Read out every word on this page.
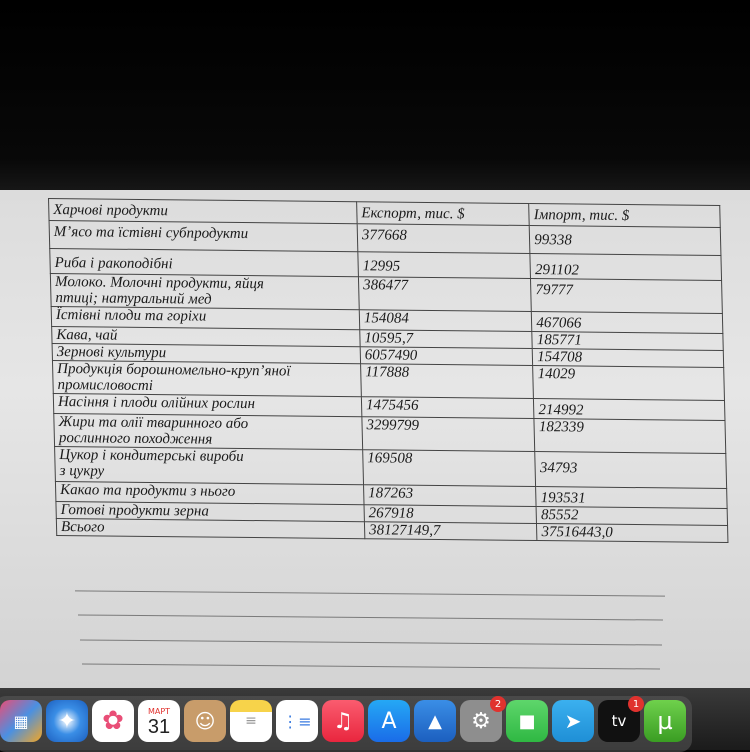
Харчові продукти	Експорт, тис. $	Імпорт, тис. $
М’ясо та їстівні субпродукти	377668	99338
Риба і ракоподібні	12995	291102
Молоко. Молочні продукти, яйця птиці; натуральний мед	386477	79777
Їстівні плоди та горіхи	154084	467066
Кава, чай	10595,7	185771
Зернові культури	6057490	154708
Продукція борошномельно-круп’яної промисловості	117888	14029
Насіння і плоди олійних рослин	1475456	214992
Жири та олії тваринного або рослинного походження	3299799	182339
Цукор і кондитерські вироби з цукру	169508	34793
Какао та продукти з нього	187263	193531
Готові продукти зерна	267918	85552
Всього	38127149,7	37516443,0
▦	✦ ✿	МАРТ
31	☺	≡	⋮≡ ♫	A	▲	⚙
2
■	➤	tv
1
µ
